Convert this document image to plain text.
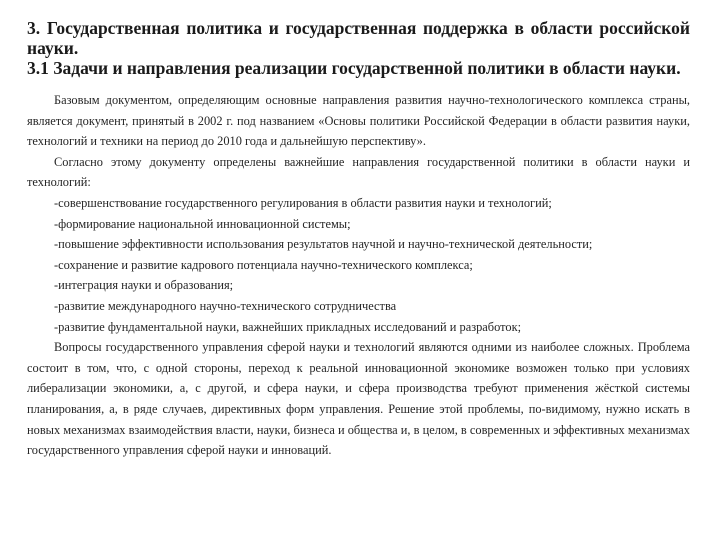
3. Государственная политика и государственная поддержка в области российской науки.
3.1 Задачи и направления реализации государственной политики в области науки.

Базовым документом, определяющим основные направления развития научно-технологического комплекса страны, является документ, принятый в 2002 г. под названием «Основы политики Российской Федерации в области развития науки, технологий и техники на период до 2010 года и дальнейшую перспективу».

Согласно этому документу определены важнейшие направления государственной политики в области науки и технологий:

-совершенствование государственного регулирования в области развития науки и технологий;
-формирование национальной инновационной системы;
-повышение эффективности использования результатов научной и научно-технической деятельности;
-сохранение и развитие кадрового потенциала научно-технического комплекса;
-интеграция науки и образования;
-развитие международного научно-технического сотрудничества
-развитие фундаментальной науки, важнейших прикладных исследований и разработок;

Вопросы государственного управления сферой науки и технологий являются одними из наиболее сложных. Проблема состоит в том, что, с одной стороны, переход к реальной инновационной экономике возможен только при условиях либерализации экономики, а, с другой, и сфера науки, и сфера производства требуют применения жёсткой системы планирования, а, в ряде случаев, директивных форм управления. Решение этой проблемы, по-видимому, нужно искать в новых механизмах взаимодействия власти, науки, бизнеса и общества и, в целом, в современных и эффективных механизмах государственного управления сферой науки и инноваций.
